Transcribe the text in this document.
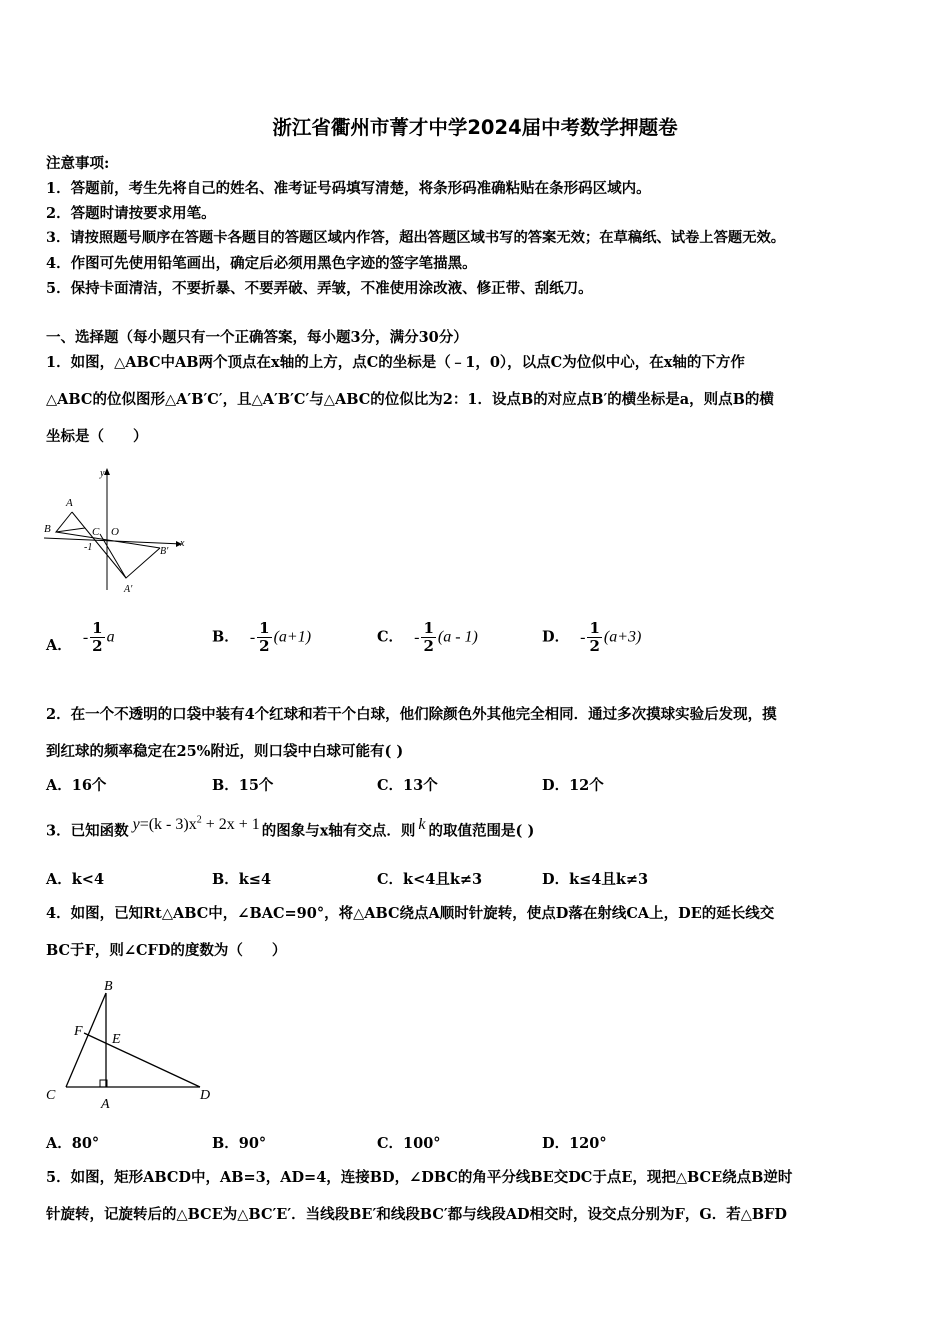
浙江省衢州市菁才中学2024届中考数学押题卷
注意事项:
1．答题前，考生先将自己的姓名、准考证号码填写清楚，将条形码准确粘贴在条形码区域内。
2．答题时请按要求用笔。
3．请按照题号顺序在答题卡各题目的答题区域内作答，超出答题区域书写的答案无效；在草稿纸、试卷上答题无效。
4．作图可先使用铅笔画出，确定后必须用黑色字迹的签字笔描黑。
5．保持卡面清洁，不要折暴、不要弄破、弄皱，不准使用涂改液、修正带、刮纸刀。
一、选择题（每小题只有一个正确答案，每小题3分，满分30分）
1．如图，△ABC中AB两个顶点在x轴的上方，点C的坐标是（﹣1，0），以点C为位似中心，在x轴的下方作
△ABC的位似图形△A′B′C′，且△A′B′C′与△ABC的位似比为2：1．设点B的对应点B′的横坐标是a，则点B的横
坐标是（　　）
y
x
A
B	C O
-1	B′
A′
A． - $\frac{1}{2}$ a	B． - $\frac{1}{2} (a+1)$	C． - $\frac{1}{2} (a - 1)$	D． - $\frac{1}{2} (a+3)$
2．在一个不透明的口袋中装有4个红球和若干个白球，他们除颜色外其他完全相同．通过多次摸球实验后发现，摸
到红球的频率稳定在25%附近，则口袋中白球可能有( )
A．16个	B．15个	C．13个	D．12个
3．已知函数 $y=(k - 3)x^2 + 2x + 1$ 的图象与x轴有交点．则 k 的取值范围是( )
A．k<4	B．k≤4	C．k<4且k≠3	D．k≤4且k≠3
4．如图，已知Rt△ABC中，∠BAC=90°，将△ABC绕点A顺时针旋转，使点D落在射线CA上，DE的延长线交
BC于F，则∠CFD的度数为（　　）
B
F
E
C
A
D
A．80°	B．90°	C．100°	D．120°
5．如图，矩形ABCD中，AB=3，AD=4，连接BD，∠DBC的角平分线BE交DC于点E，现把△BCE绕点B逆时
针旋转，记旋转后的△BCE为△BC′E′．当线段BE′和线段BC′都与线段AD相交时，设交点分别为F，G．若△BFD
